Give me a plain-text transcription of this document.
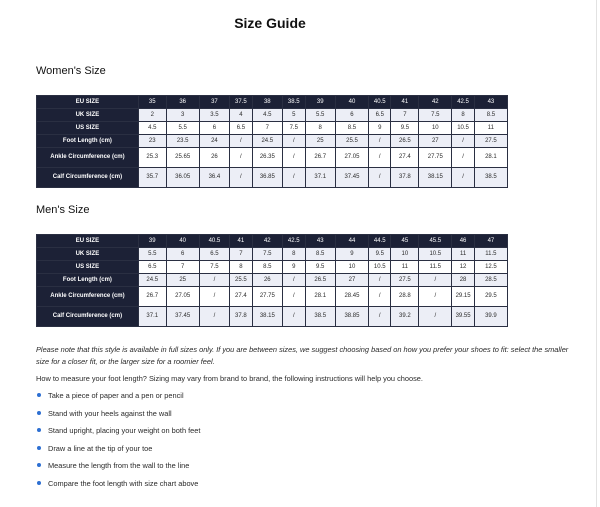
Size Guide
Women's Size
EU SIZE	35	36	37	37.5	38	38.5	39	40	40.5	41	42	42.5	43
UK SIZE	2	3	3.5	4	4.5	5	5.5	6	6.5	7	7.5	8	8.5
US SIZE	4.5	5.5	6	6.5	7	7.5	8	8.5	9	9.5	10	10.5	11
Foot Length (cm)	23	23.5	24	/	24.5	/	25	25.5	/	26.5	27	/	27.5
Ankle Circumference (cm)	25.3	25.65	26	/	26.35	/	26.7	27.05	/	27.4	27.75	/	28.1
Calf Circumference (cm)	35.7	36.05	36.4	/	36.85	/	37.1	37.45	/	37.8	38.15	/	38.5
Men's Size
EU SIZE	39	40	40.5	41	42	42.5	43	44	44.5	45	45.5	46	47
UK SIZE	5.5	6	6.5	7	7.5	8	8.5	9	9.5	10	10.5	11	11.5
US SIZE	6.5	7	7.5	8	8.5	9	9.5	10	10.5	11	11.5	12	12.5
Foot Length (cm)	24.5	25	/	25.5	26	/	26.5	27	/	27.5	/	28	28.5
Ankle Circumference (cm)	26.7	27.05	/	27.4	27.75	/	28.1	28.45	/	28.8	/	29.15	29.5
Calf Circumference (cm)	37.1	37.45	/	37.8	38.15	/	38.5	38.85	/	39.2	/	39.55	39.9
Please note that this style is available in full sizes only. If you are between sizes, we suggest choosing based on how you prefer your shoes to fit: select the smaller size for a closer fit, or the larger size for a roomier feel.
How to measure your foot length? Sizing may vary from brand to brand, the following instructions will help you choose.
Take a piece of paper and a pen or pencil
Stand with your heels against the wall
Stand upright, placing your weight on both feet
Draw a line at the tip of your toe
Measure the length from the wall to the line
Compare the foot length with size chart above
